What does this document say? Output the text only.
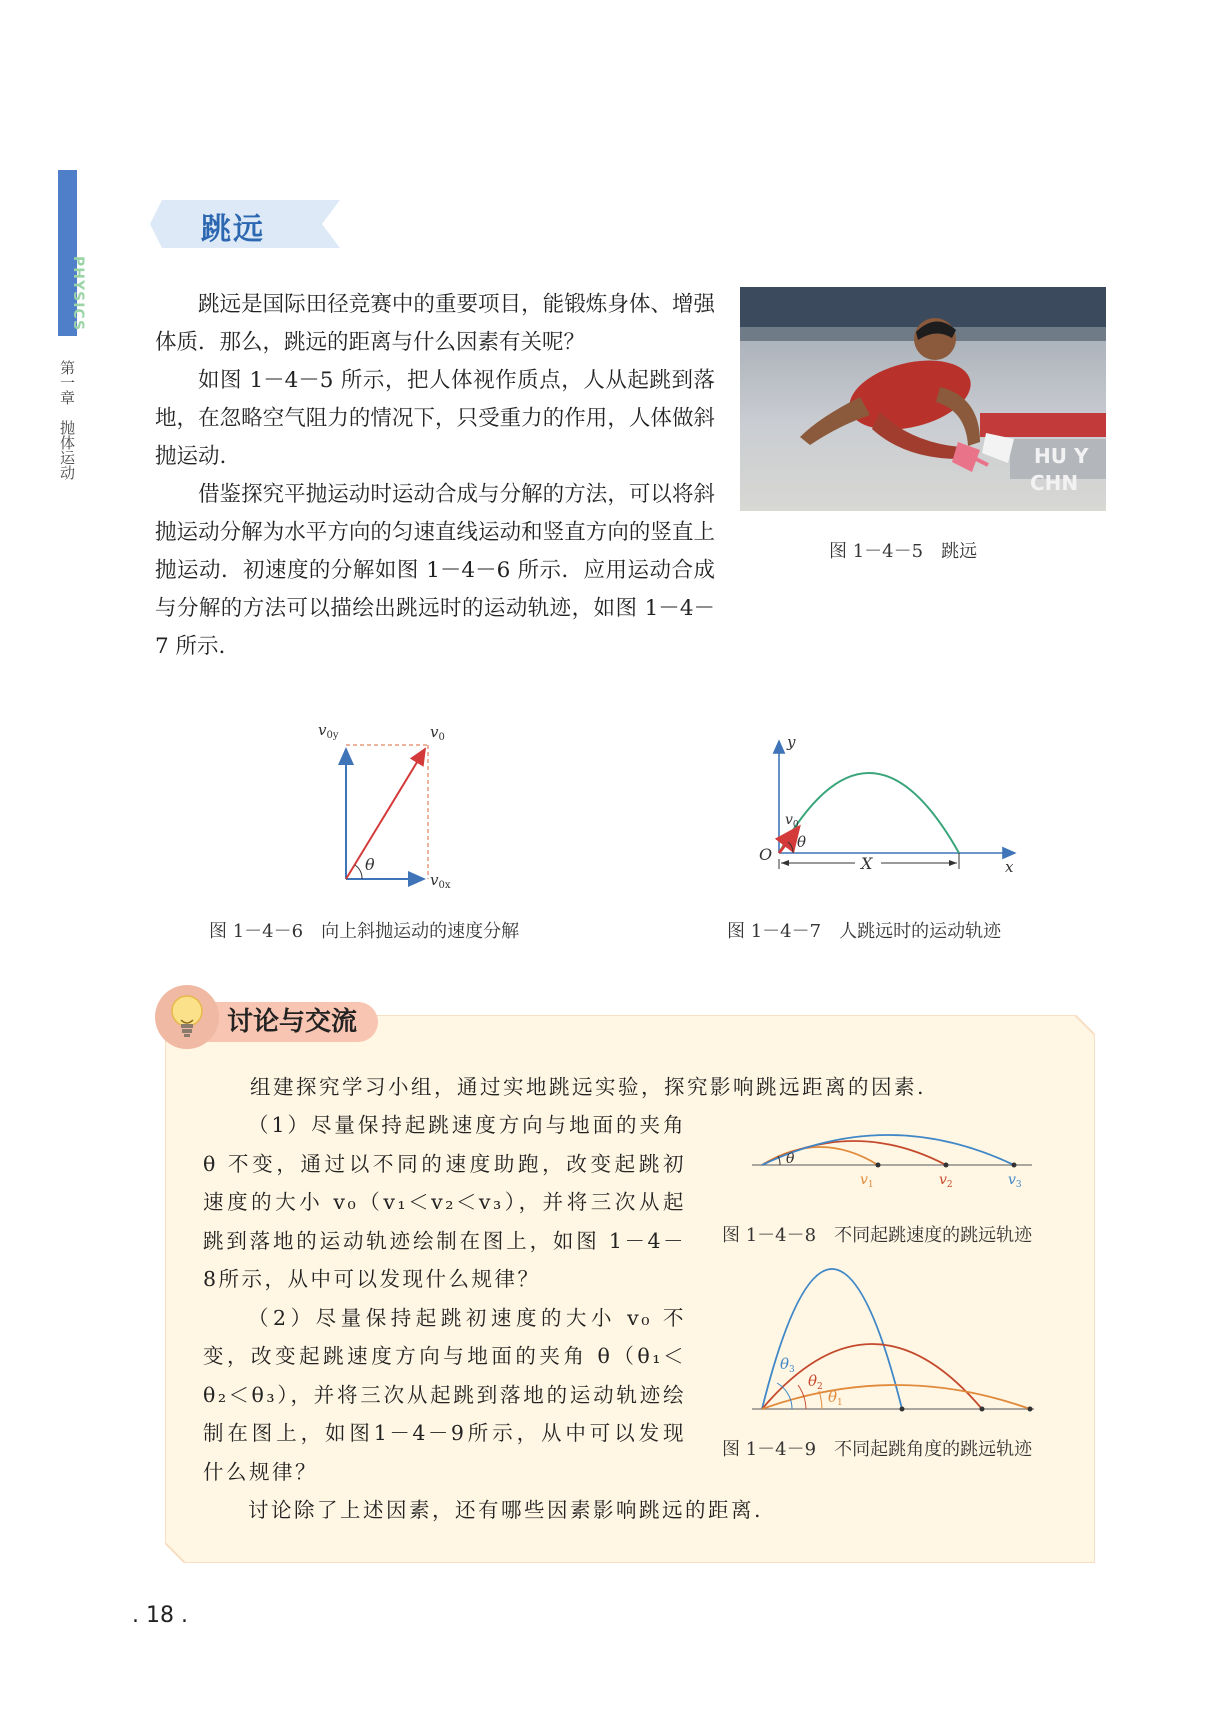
PHYSICS
第一章　抛体运动
跳远

跳远是国际田径竞赛中的重要项目，能锻炼身体、增强体质．那么，跳远的距离与什么因素有关呢？

如图 1－4－5 所示，把人体视作质点，人从起跳到落地，在忽略空气阻力的情况下，只受重力的作用，人体做斜抛运动.

借鉴探究平抛运动时运动合成与分解的方法，可以将斜抛运动分解为水平方向的匀速直线运动和竖直方向的竖直上抛运动．初速度的分解如图 1－4－6 所示．应用运动合成与分解的方法可以描绘出跳远时的运动轨迹，如图 1－4－7 所示.

HU Y
CHN
图 1－4－5　跳远
θ
$v_{0y}$	$v_0$
$v_{0x}$
图 1－4－6　向上斜抛运动的速度分解
θ
$v_0$
y
x
O	X
图 1－4－7　人跳远时的运动轨迹
讨论与交流

组建探究学习小组，通过实地跳远实验，探究影响跳远距离的因素.

（1）尽量保持起跳速度方向与地面的夹角 θ 不变，通过以不同的速度助跑，改变起跳初速度的大小 v₀（v₁＜v₂＜v₃），并将三次从起跳到落地的运动轨迹绘制在图上，如图 1－4－8所示，从中可以发现什么规律？

（2）尽量保持起跳初速度的大小 v₀ 不变，改变起跳速度方向与地面的夹角 θ（θ₁＜θ₂＜θ₃），并将三次从起跳到落地的运动轨迹绘制在图上，如图1－4－9所示，从中可以发现什么规律？

讨论除了上述因素，还有哪些因素影响跳远的距离.

θ
$v_1$	$v_2$	$v_3$
图 1－4－8　不同起跳速度的跳远轨迹
$\theta_1$
$\theta_2$
$\theta_3$
图 1－4－9　不同起跳角度的跳远轨迹
. 18 .
